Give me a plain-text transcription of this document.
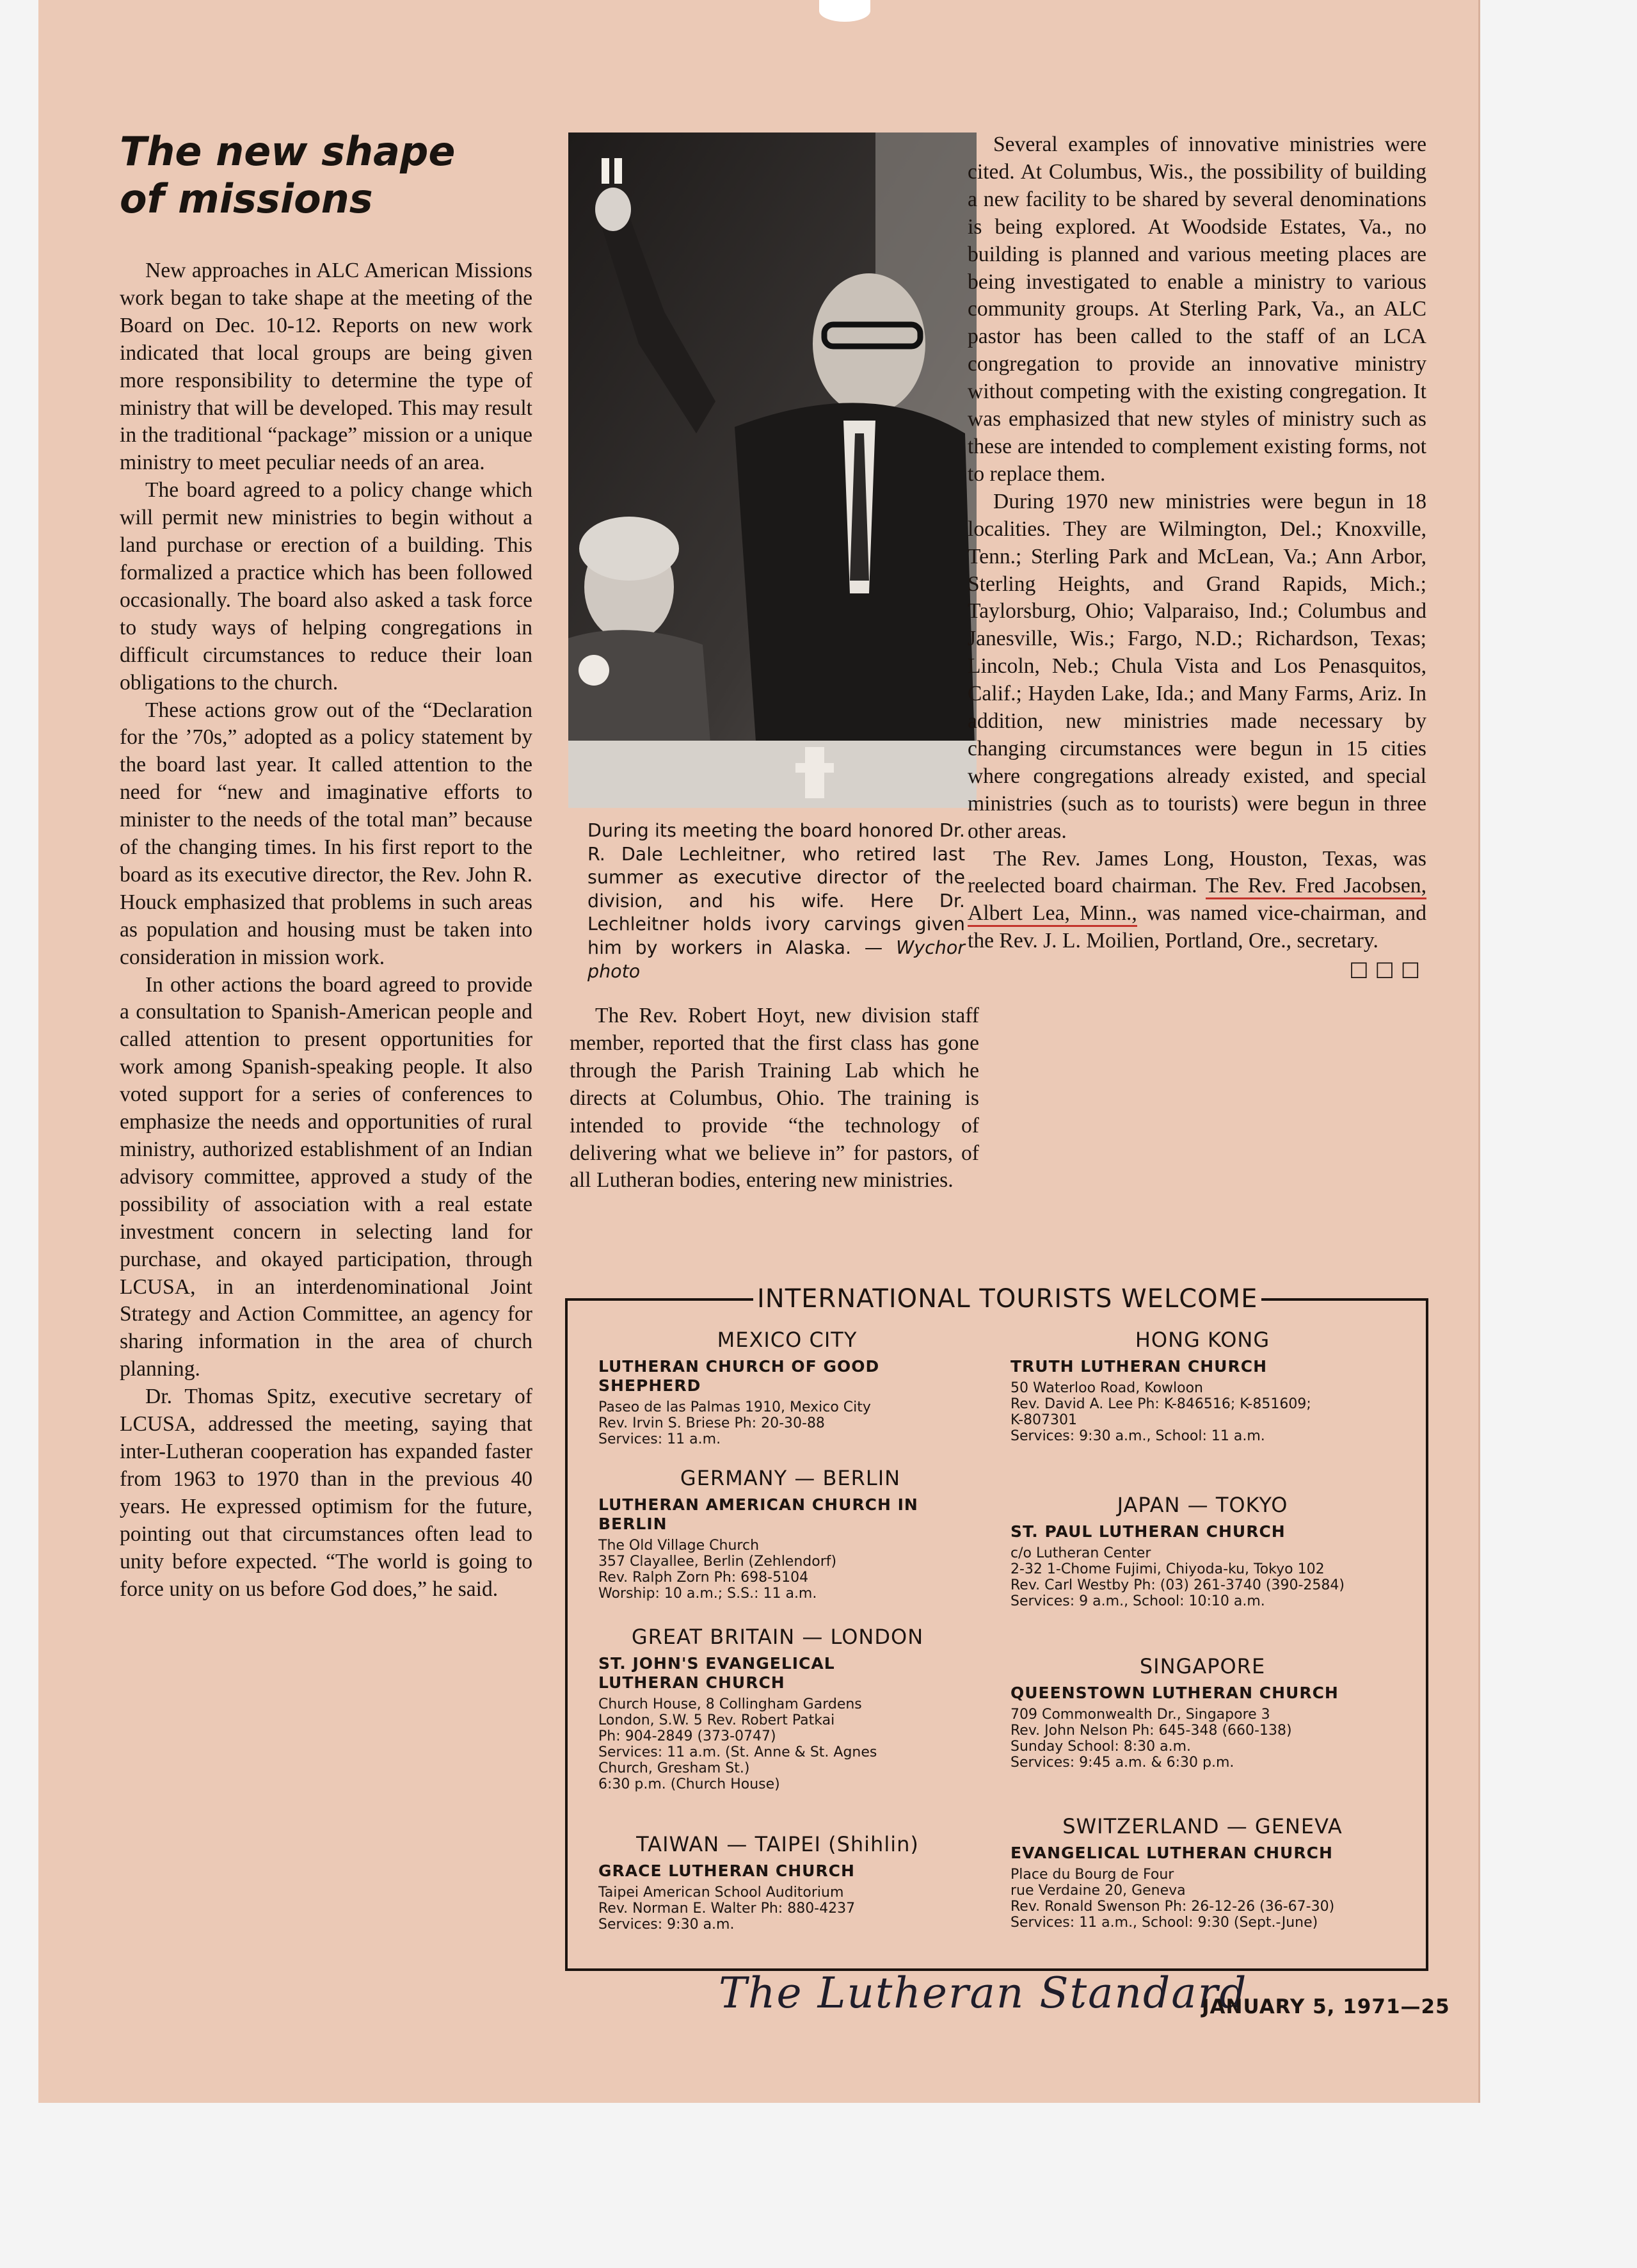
The new shape
of missions

New approaches in ALC American Missions work began to take shape at the meeting of the Board on Dec. 10-12. Reports on new work indicated that local groups are being given more responsibility to determine the type of ministry that will be developed. This may result in the traditional “package” mission or a unique ministry to meet peculiar needs of an area.

The board agreed to a policy change which will permit new ministries to begin without a land purchase or erection of a building. This formalized a practice which has been followed occasionally. The board also asked a task force to study ways of helping congregations in difficult circumstances to reduce their loan obligations to the church.

These actions grow out of the “Declaration for the ’70s,” adopted as a policy statement by the board last year. It called attention to the need for “new and imaginative efforts to minister to the needs of the total man” because of the changing times. In his first report to the board as its executive director, the Rev. John R. Houck emphasized that problems in such areas as population and housing must be taken into consideration in mission work.

In other actions the board agreed to provide a consultation to Spanish-American people and called attention to present opportunities for work among Spanish-speaking people. It also voted support for a series of conferences to emphasize the needs and opportunities of rural ministry, authorized establishment of an Indian advisory committee, approved a study of the possibility of association with a real estate investment concern in selecting land for purchase, and okayed participation, through LCUSA, in an interdenominational Joint Strategy and Action Committee, an agency for sharing information in the area of church planning.

Dr. Thomas Spitz, executive secretary of LCUSA, addressed the meeting, saying that inter-Lutheran cooperation has expanded faster from 1963 to 1970 than in the previous 40 years. He expressed optimism for the future, pointing out that circumstances often lead to unity before expected. “The world is going to force unity on us before God does,” he said.

During its meeting the board honored Dr. R. Dale Lechleitner, who retired last summer as executive director of the division, and his wife. Here Dr. Lechleitner holds ivory carvings given him by workers in Alaska. — Wychor photo

The Rev. Robert Hoyt, new division staff member, reported that the first class has gone through the Parish Training Lab which he directs at Columbus, Ohio. The training is intended to provide “the technology of delivering what we believe in” for pastors, of all Lutheran bodies, entering new ministries.

Several examples of innovative ministries were cited. At Columbus, Wis., the possibility of building a new facility to be shared by several denominations is being explored. At Woodside Estates, Va., no building is planned and various meeting places are being investigated to enable a ministry to various community groups. At Sterling Park, Va., an ALC pastor has been called to the staff of an LCA congregation to provide an innovative ministry without competing with the existing congregation. It was emphasized that new styles of ministry such as these are intended to complement existing forms, not to replace them.

During 1970 new ministries were begun in 18 localities. They are Wilmington, Del.; Knoxville, Tenn.; Sterling Park and McLean, Va.; Ann Arbor, Sterling Heights, and Grand Rapids, Mich.; Taylorsburg, Ohio; Valparaiso, Ind.; Columbus and Janesville, Wis.; Fargo, N.D.; Richardson, Texas; Lincoln, Neb.; Chula Vista and Los Penasquitos, Calif.; Hayden Lake, Ida.; and Many Farms, Ariz. In addition, new ministries made necessary by changing circumstances were begun in 15 cities where congregations already existed, and special ministries (such as to tourists) were begun in three other areas.

The Rev. James Long, Houston, Texas, was reelected board chairman. The Rev. Fred Jacobsen, Albert Lea, Minn., was named vice-chairman, and the Rev. J. L. Moilien, Portland, Ore., secretary.
□□□

INTERNATIONAL TOURISTS WELCOME
MEXICO CITY
LUTHERAN CHURCH OF GOOD SHEPHERD
Paseo de las Palmas 1910, Mexico City
Rev. Irvin S. Briese Ph: 20-30-88
Services: 11 a.m.
GERMANY — BERLIN
LUTHERAN AMERICAN CHURCH IN BERLIN
The Old Village Church
357 Clayallee, Berlin (Zehlendorf)
Rev. Ralph Zorn Ph: 698-5104
Worship: 10 a.m.; S.S.: 11 a.m.
GREAT BRITAIN — LONDON
ST. JOHN'S EVANGELICAL LUTHERAN CHURCH
Church House, 8 Collingham Gardens
London, S.W. 5 Rev. Robert Patkai
Ph: 904-2849 (373-0747)
Services: 11 a.m. (St. Anne & St. Agnes
Church, Gresham St.)
6:30 p.m. (Church House)
TAIWAN — TAIPEI (Shihlin)
GRACE LUTHERAN CHURCH
Taipei American School Auditorium
Rev. Norman E. Walter Ph: 880-4237
Services: 9:30 a.m.
HONG KONG
TRUTH LUTHERAN CHURCH
50 Waterloo Road, Kowloon
Rev. David A. Lee Ph: K-846516; K-851609;
K-807301
Services: 9:30 a.m., School: 11 a.m.
JAPAN — TOKYO
ST. PAUL LUTHERAN CHURCH
c/o Lutheran Center
2-32 1-Chome Fujimi, Chiyoda-ku, Tokyo 102
Rev. Carl Westby Ph: (03) 261-3740 (390-2584)
Services: 9 a.m., School: 10:10 a.m.
SINGAPORE
QUEENSTOWN LUTHERAN CHURCH
709 Commonwealth Dr., Singapore 3
Rev. John Nelson Ph: 645-348 (660-138)
Sunday School: 8:30 a.m.
Services: 9:45 a.m. & 6:30 p.m.
SWITZERLAND — GENEVA
EVANGELICAL LUTHERAN CHURCH
Place du Bourg de Four
rue Verdaine 20, Geneva
Rev. Ronald Swenson Ph: 26-12-26 (36-67-30)
Services: 11 a.m., School: 9:30 (Sept.-June)
The Lutheran Standard
JANUARY 5, 1971—25
